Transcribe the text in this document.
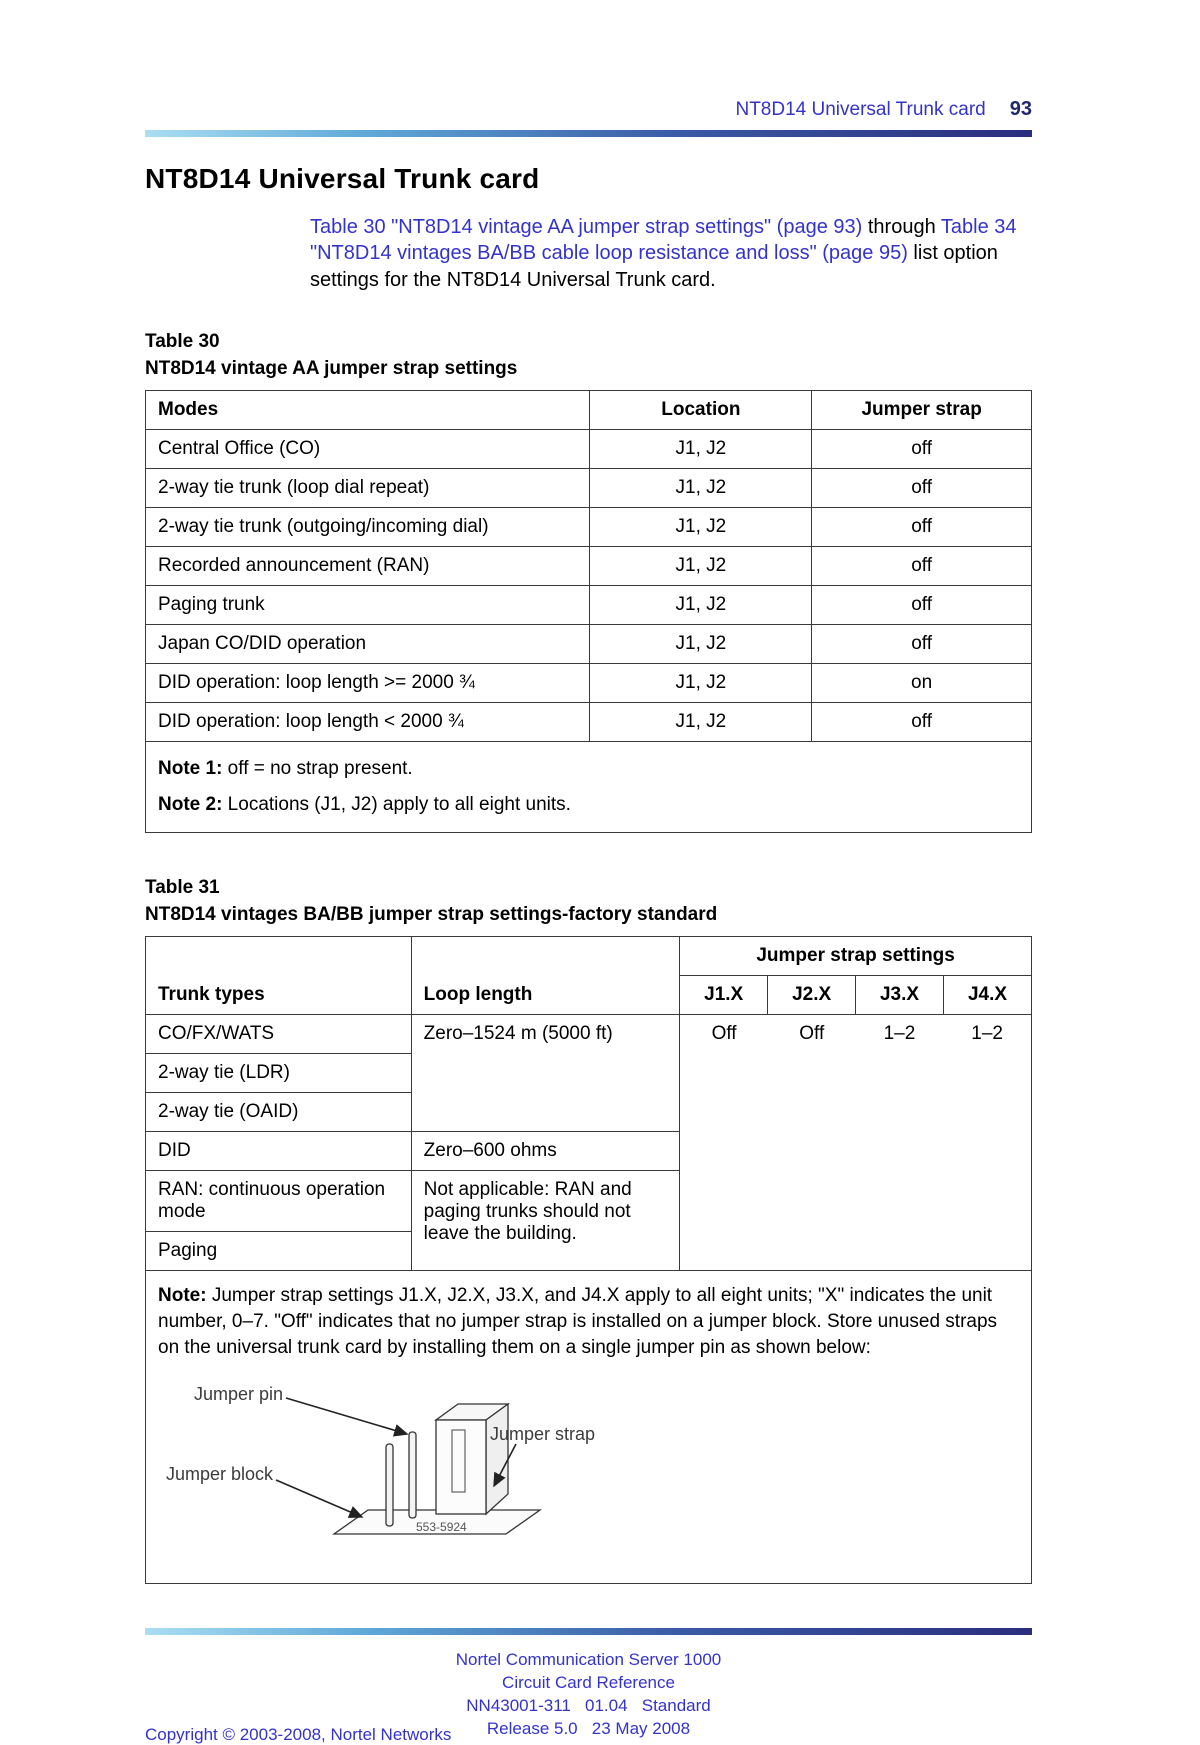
NT8D14 Universal Trunk card 93
NT8D14 Universal Trunk card

Table 30 "NT8D14 vintage AA jumper strap settings" (page 93) through Table 34 "NT8D14 vintages BA/BB cable loop resistance and loss" (page 95) list option settings for the NT8D14 Universal Trunk card.

Table 30
NT8D14 vintage AA jumper strap settings
Modes	Location	Jumper strap
Central Office (CO)	J1, J2	off
2-way tie trunk (loop dial repeat)	J1, J2	off
2-way tie trunk (outgoing/incoming dial)	J1, J2	off
Recorded announcement (RAN)	J1, J2	off
Paging trunk	J1, J2	off
Japan CO/DID operation	J1, J2	off
DID operation: loop length >= 2000 ¾	J1, J2	on
DID operation: loop length < 2000 ¾	J1, J2	off

Note 1: off = no strap present.

Note 2: Locations (J1, J2) apply to all eight units.		

Table 31
NT8D14 vintages BA/BB jumper strap settings-factory standard
Trunk types	Loop length	Jumper strap settings			
		J1.X	J2.X	J3.X	J4.X
CO/FX/WATS	Zero–1524 m (5000 ft)	Off Off 1–2 1–2			

2-way tie (LDR)					
2-way tie (OAID)					
DID	Zero–600 ohms				
RAN: continuous operation mode	Not applicable: RAN and paging trunks should not leave the building.				
Paging					

Note: Jumper strap settings J1.X, J2.X, J3.X, and J4.X apply to all eight units; "X" indicates the unit number, 0–7. "Off" indicates that no jumper strap is installed on a jumper block. Store unused straps on the universal trunk card by installing them on a single jumper pin as shown below:

Jumper pin
Jumper strap
Jumper block
553-5924					
Nortel Communication Server 1000
Circuit Card Reference
NN43001-311   01.04   Standard
Release 5.0   23 May 2008
Copyright © 2003-2008, Nortel Networks
